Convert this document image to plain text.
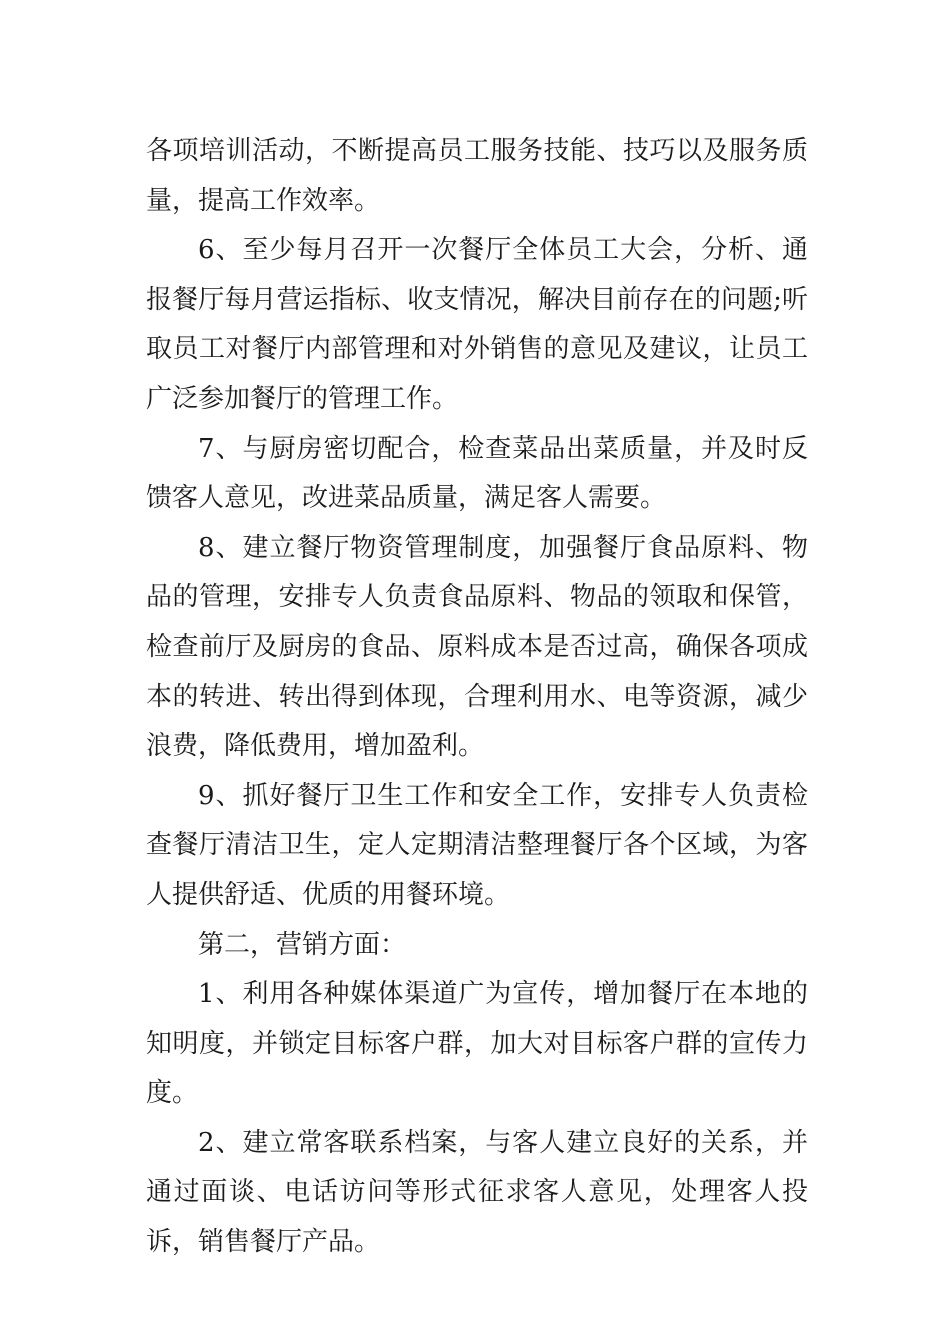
各项培训活动，不断提高员工服务技能、技巧以及服务质量，提高工作效率。

6、至少每月召开一次餐厅全体员工大会，分析、通报餐厅每月营运指标、收支情况，解决目前存在的问题;听取员工对餐厅内部管理和对外销售的意见及建议，让员工广泛参加餐厅的管理工作。

7、与厨房密切配合，检查菜品出菜质量，并及时反馈客人意见，改进菜品质量，满足客人需要。

8、建立餐厅物资管理制度，加强餐厅食品原料、物品的管理，安排专人负责食品原料、物品的领取和保管，检查前厅及厨房的食品、原料成本是否过高，确保各项成本的转进、转出得到体现，合理利用水、电等资源，减少浪费，降低费用，增加盈利。

9、抓好餐厅卫生工作和安全工作，安排专人负责检查餐厅清洁卫生，定人定期清洁整理餐厅各个区域，为客人提供舒适、优质的用餐环境。

第二，营销方面：

1、利用各种媒体渠道广为宣传，增加餐厅在本地的知明度，并锁定目标客户群，加大对目标客户群的宣传力度。

2、建立常客联系档案，与客人建立良好的关系，并通过面谈、电话访问等形式征求客人意见，处理客人投诉，销售餐厅产品。
